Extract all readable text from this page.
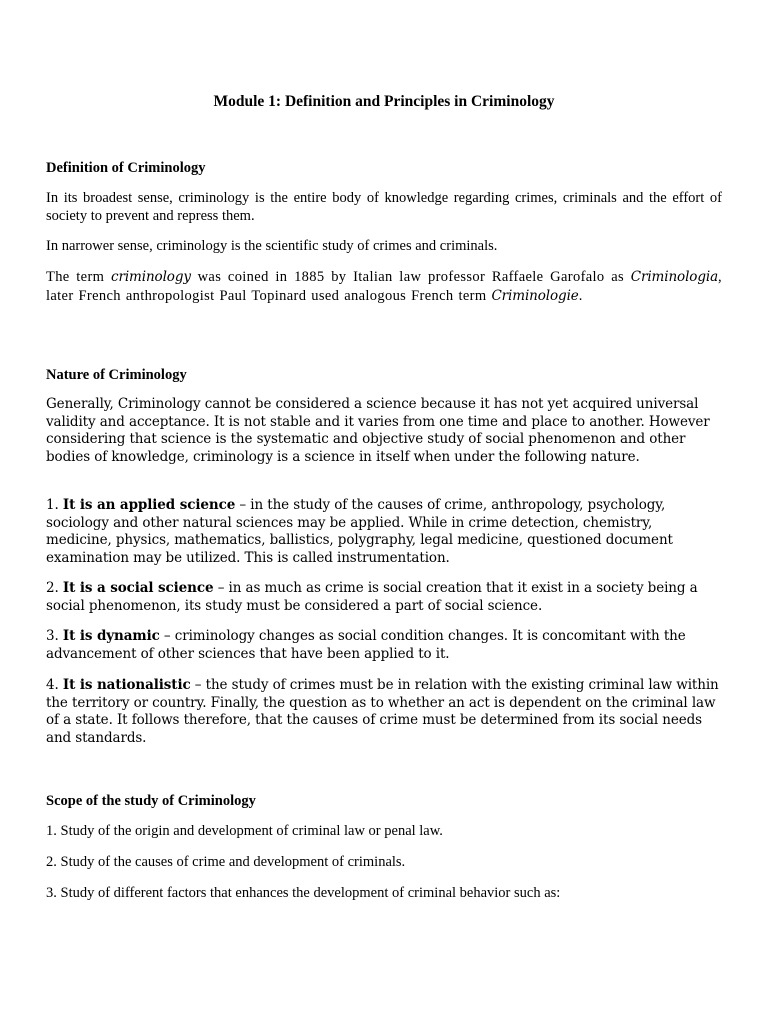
Module 1: Definition and Principles in Criminology
Definition of Criminology

In its broadest sense, criminology is the entire body of knowledge regarding crimes, criminals and the effort of society to prevent and repress them.

In narrower sense, criminology is the scientific study of crimes and criminals.

The term criminology was coined in 1885 by Italian law professor Raffaele Garofalo as Criminologia, later French anthropologist Paul Topinard used analogous French term Criminologie.

Nature of Criminology

Generally, Criminology cannot be considered a science because it has not yet acquired universal validity and acceptance. It is not stable and it varies from one time and place to another. However considering that science is the systematic and objective study of social phenomenon and other bodies of knowledge, criminology is a science in itself when under the following nature.

1. It is an applied science – in the study of the causes of crime, anthropology, psychology, sociology and other natural sciences may be applied. While in crime detection, chemistry, medicine, physics, mathematics, ballistics, polygraphy, legal medicine, questioned document examination may be utilized. This is called instrumentation.

2. It is a social science – in as much as crime is social creation that it exist in a society being a social phenomenon, its study must be considered a part of social science.

3. It is dynamic – criminology changes as social condition changes. It is concomitant with the advancement of other sciences that have been applied to it.

4. It is nationalistic – the study of crimes must be in relation with the existing criminal law within the territory or country. Finally, the question as to whether an act is dependent on the criminal law of a state. It follows therefore, that the causes of crime must be determined from its social needs and standards.

Scope of the study of Criminology

1. Study of the origin and development of criminal law or penal law.

2. Study of the causes of crime and development of criminals.

3. Study of different factors that enhances the development of criminal behavior such as:
